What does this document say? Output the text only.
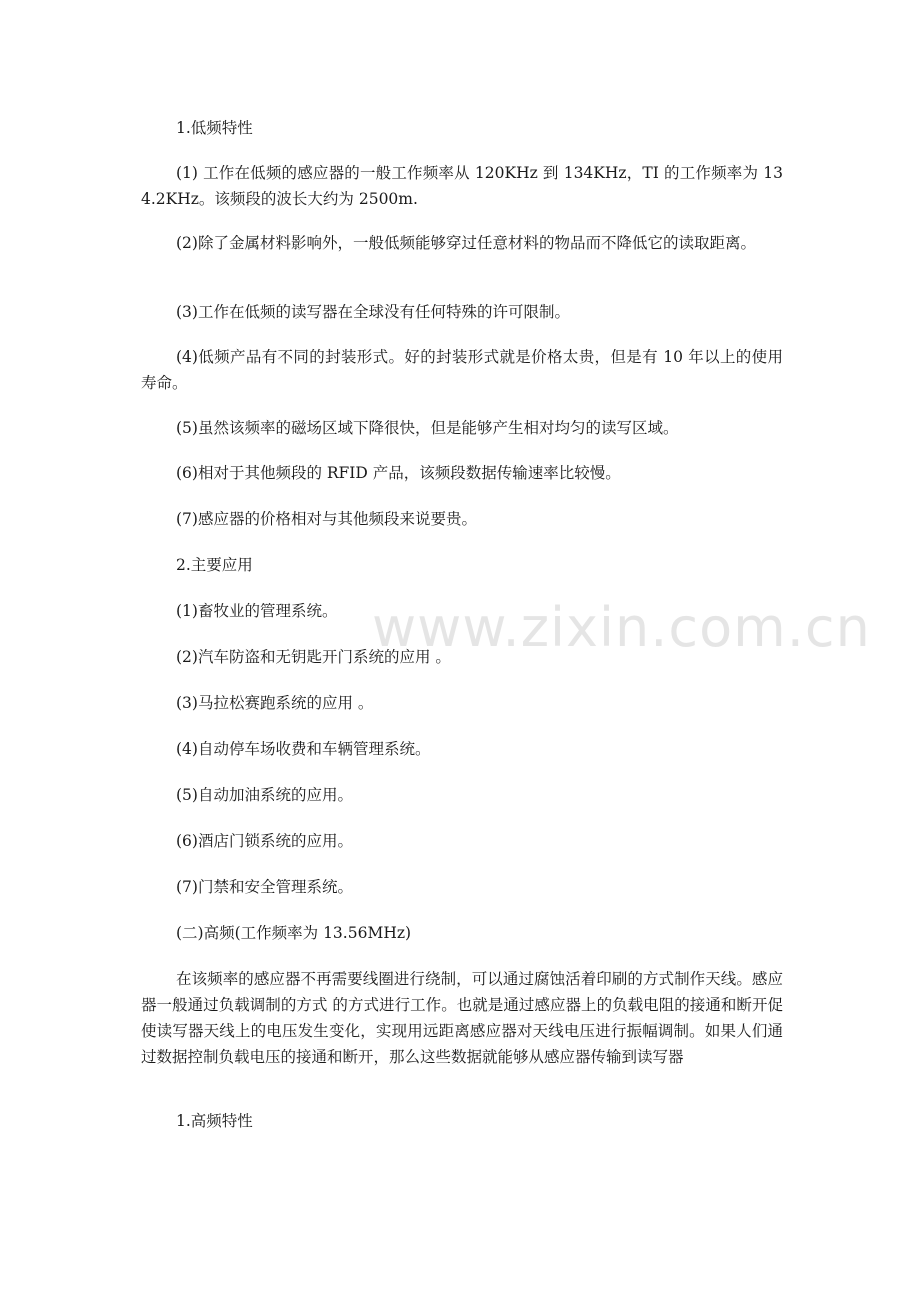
www.zixin.com.cn

1.低频特性

(1) 工作在低频的感应器的一般工作频率从 120KHz 到 134KHz，TI 的工作频率为 134.2KHz。该频段的波长大约为 2500m.

(2)除了金属材料影响外，一般低频能够穿过任意材料的物品而不降低它的读取距离。

(3)工作在低频的读写器在全球没有任何特殊的许可限制。

(4)低频产品有不同的封装形式。好的封装形式就是价格太贵，但是有 10 年以上的使用寿命。

(5)虽然该频率的磁场区域下降很快，但是能够产生相对均匀的读写区域。

(6)相对于其他频段的 RFID 产品，该频段数据传输速率比较慢。

(7)感应器的价格相对与其他频段来说要贵。

2.主要应用

(1)畜牧业的管理系统。

(2)汽车防盗和无钥匙开门系统的应用 。

(3)马拉松赛跑系统的应用 。

(4)自动停车场收费和车辆管理系统。

(5)自动加油系统的应用。

(6)酒店门锁系统的应用。

(7)门禁和安全管理系统。

(二)高频(工作频率为 13.56MHz)

在该频率的感应器不再需要线圈进行绕制，可以通过腐蚀活着印刷的方式制作天线。感应器一般通过负载调制的方式 的方式进行工作。也就是通过感应器上的负载电阻的接通和断开促使读写器天线上的电压发生变化，实现用远距离感应器对天线电压进行振幅调制。如果人们通过数据控制负载电压的接通和断开，那么这些数据就能够从感应器传输到读写器

1.高频特性
